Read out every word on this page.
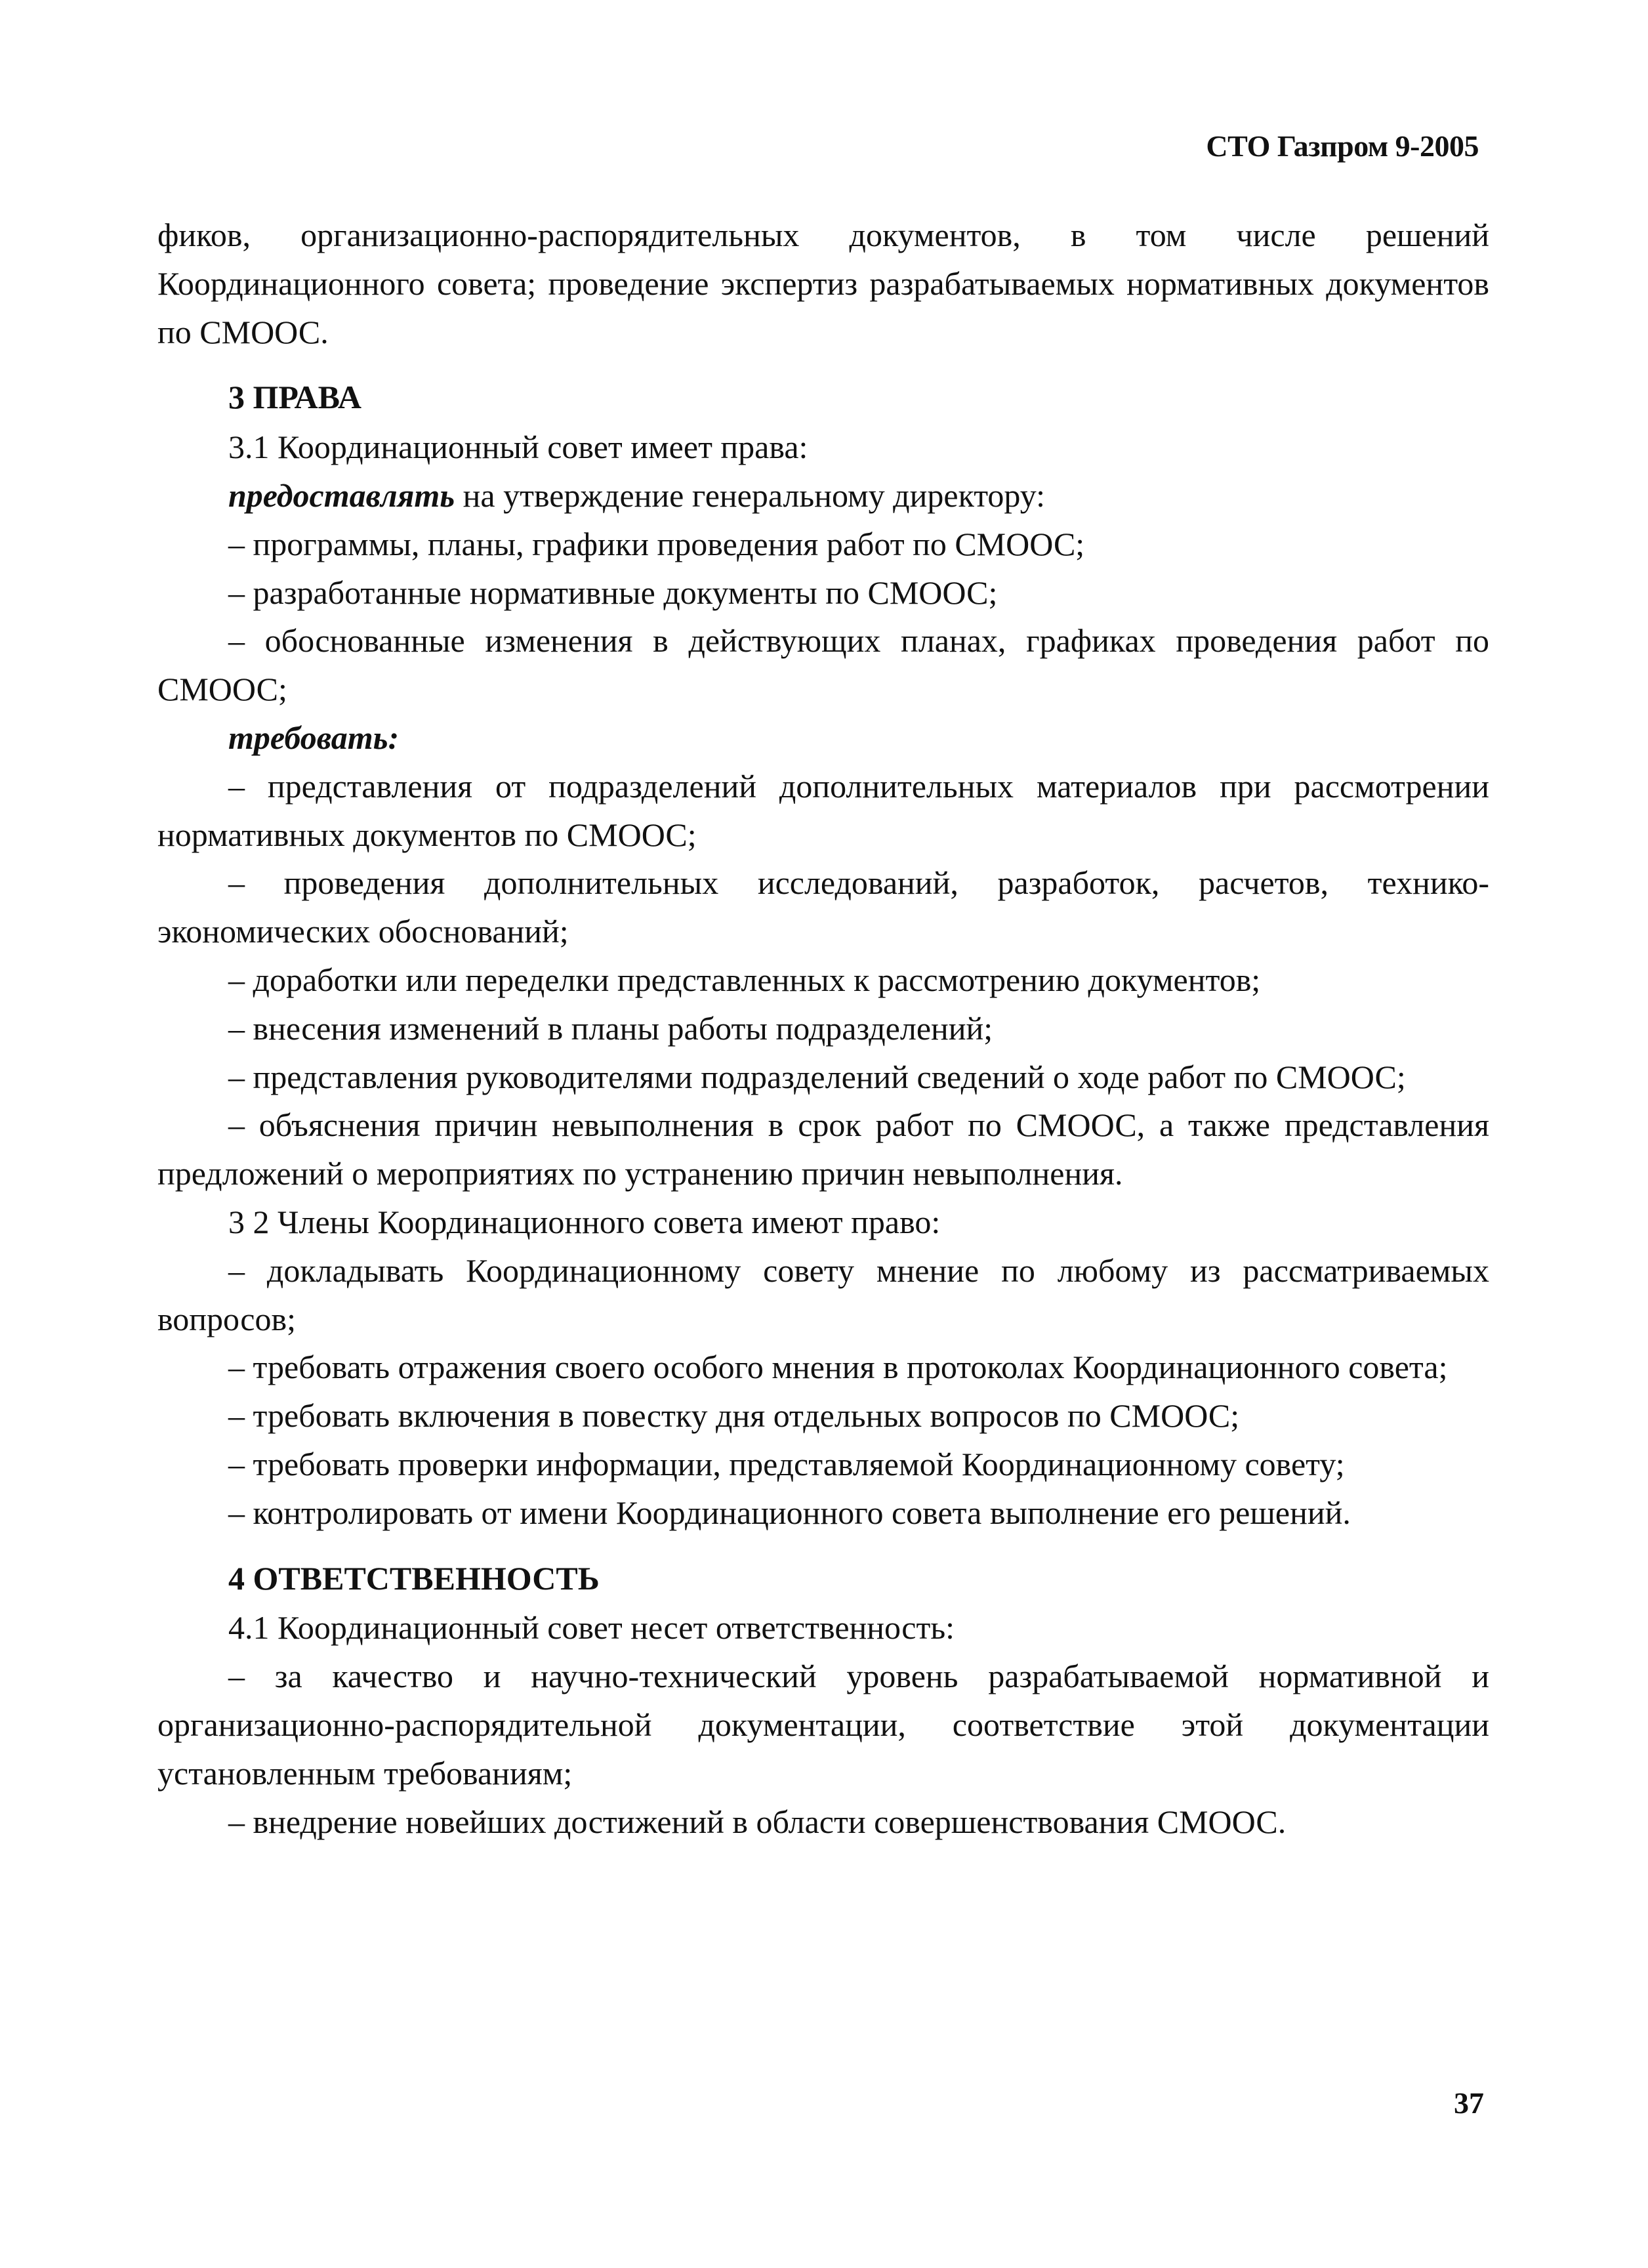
СТО Газпром 9-2005

фиков, организационно-распорядительных документов, в том числе решений Координационного совета; проведение экспертиз разрабатываемых нормативных документов по СМООС.

3 ПРАВА

3.1 Координационный совет имеет права:

предоставлять на утверждение генеральному директору:

– программы, планы, графики проведения работ по СМООС;

– разработанные нормативные документы по СМООС;

– обоснованные изменения в действующих планах, графиках проведения работ по СМООС;

требовать:

– представления от подразделений дополнительных материалов при рассмотрении нормативных документов по СМООС;

– проведения дополнительных исследований, разработок, расчетов, технико-экономических обоснований;

– доработки или переделки представленных к рассмотрению документов;

– внесения изменений в планы работы подразделений;

– представления руководителями подразделений сведений о ходе работ по СМООС;

– объяснения причин невыполнения в срок работ по СМООС, а также представления предложений о мероприятиях по устранению причин невыполнения.

3 2 Члены Координационного совета имеют право:

– докладывать Координационному совету мнение по любому из рассматриваемых вопросов;

– требовать отражения своего особого мнения в протоколах Координационного совета;

– требовать включения в повестку дня отдельных вопросов по СМООС;

– требовать проверки информации, представляемой Координационному совету;

– контролировать от имени Координационного совета выполнение его решений.

4 ОТВЕТСТВЕННОСТЬ

4.1 Координационный совет несет ответственность:

– за качество и научно-технический уровень разрабатываемой нормативной и организационно-распорядительной документации, соответствие этой документации установленным требованиям;

– внедрение новейших достижений в области совершенствования СМООС.

37
